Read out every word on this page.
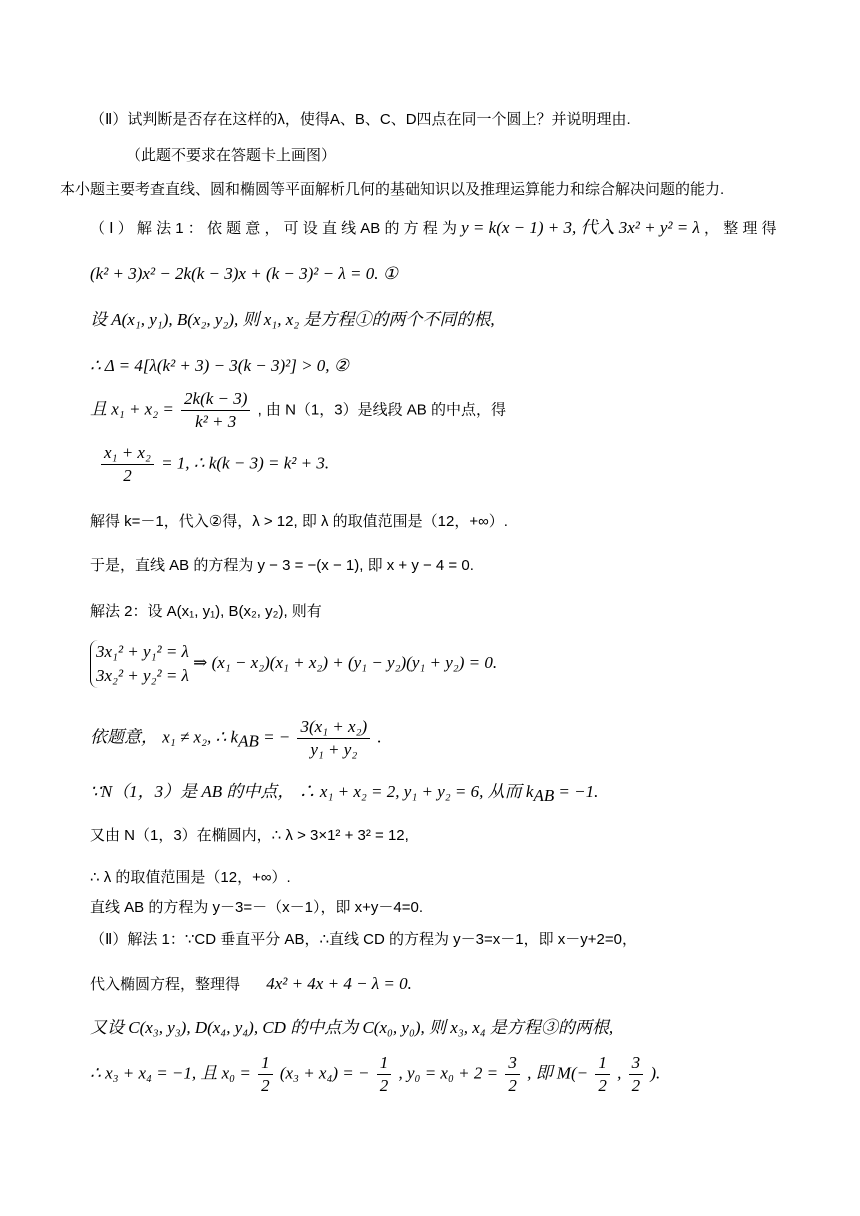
（Ⅱ）试判断是否存在这样的λ，使得A、B、C、D四点在同一个圆上？并说明理由.
（此题不要求在答题卡上画图）
本小题主要考查直线、圆和椭圆等平面解析几何的基础知识以及推理运算能力和综合解决问题的能力.
（ Ⅰ ） 解 法 1 ： 依 题 意 ， 可 设 直 线 AB 的 方 程 为 y = k(x − 1) + 3, 代入 3x² + y² = λ ， 整 理 得
(k² + 3)x² − 2k(k − 3)x + (k − 3)² − λ = 0. ①
设 A(x₁, y₁), B(x₂, y₂), 则 x₁, x₂ 是方程①的两个不同的根,
∴ Δ = 4[λ(k² + 3) − 3(k − 3)²] > 0, ②
且 $x_1 + x_2 = \frac{2k(k - 3)}{\text{k² + 3}}$ , 由 N（1，3）是线段 AB 的中点，得
$\frac{\text{x₁ + x₂}}{2} = 1$, ∴ k(k − 3) = k² + 3.
解得 k=－1，代入②得，λ > 12, 即 λ 的取值范围是（12，+∞）.
于是，直线 AB 的方程为 y − 3 = −(x − 1), 即 x + y − 4 = 0.
解法 2：设 A(x₁, y₁), B(x₂, y₂), 则有
3x₁² + y₁² = λ
3x₂² + y₂² = λ
⇒ (x₁ − x₂)(x₁ + x₂) + (y₁ − y₂)(y₁ + y₂) = 0.
依题意， x₁ ≠ x₂, ∴ $k_{AB}$ = − $\frac{\text{3(x₁ + x₂)}}{\text{y₁ + y₂}}$ .
∵N（1，3）是 AB 的中点， ∴ x₁ + x₂ = 2, y₁ + y₂ = 6, 从而 $k_{AB} = -1$.
又由 N（1，3）在椭圆内，∴ λ > 3×1² + 3² = 12,
∴ λ 的取值范围是（12，+∞）.
直线 AB 的方程为 y－3=－（x－1），即 x+y－4=0.
（Ⅱ）解法 1：∵CD 垂直平分 AB，∴直线 CD 的方程为 y－3=x－1，即 x－y+2=0，
代入椭圆方程，整理得 4x² + 4x + 4 − λ = 0.
又设 C(x₃, y₃), D(x₄, y₄), CD 的中点为 C(x₀, y₀), 则 x₃, x₄ 是方程③的两根,
∴ x₃ + x₄ = −1, 且 $x_0 = \frac{1}{2} (x_3 + x_4)$ = − $\frac{1}{2}$ , $y_0 = x_0 + 2 = \frac{3}{2}$ , 即 $M(- \frac{1}{2}$ , $\frac{3}{2}$ ).
